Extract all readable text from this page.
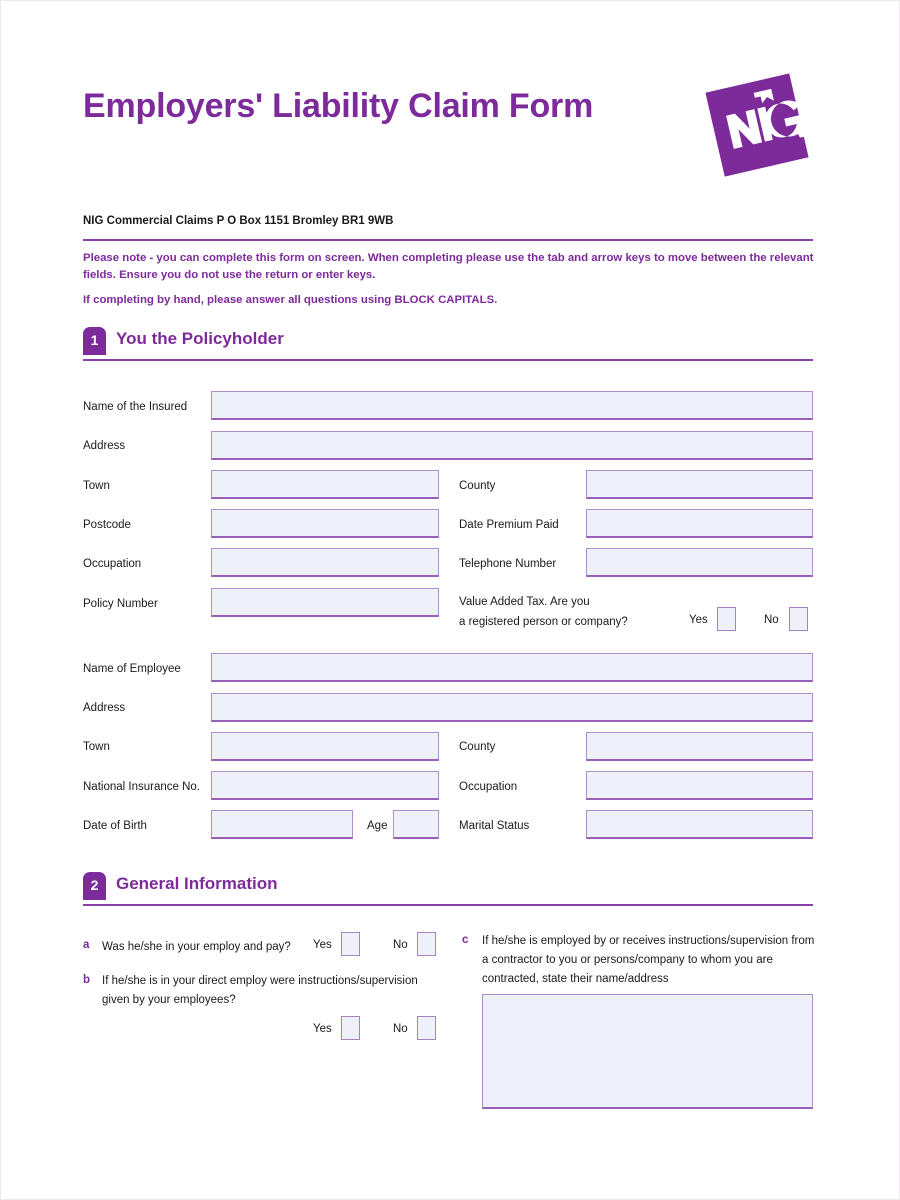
Employers' Liability Claim Form
NIG Commercial Claims P O Box 1151 Bromley BR1 9WB

Please note - you can complete this form on screen. When completing please use the tab and arrow keys to move between the relevant fields. Ensure you do not use the return or enter keys.

If completing by hand, please answer all questions using BLOCK CAPITALS.

1	You the Policyholder
Name of the Insured
Address
Town	County
Postcode	Date Premium Paid
Occupation	Telephone Number
Policy Number	Value Added Tax. Are you
a registered person or company?	Yes	No
Name of Employee
Address
Town	County
National Insurance No.	Occupation
Date of Birth	Age	Marital Status
2	General Information
a Was he/she in your employ and pay?	Yes	No
b If he/she is in your direct employ were instructions/supervision given by your employees?
Yes	No
c If he/she is employed by or receives instructions/supervision from a contractor to you or persons/company to whom you are contracted, state their name/address
